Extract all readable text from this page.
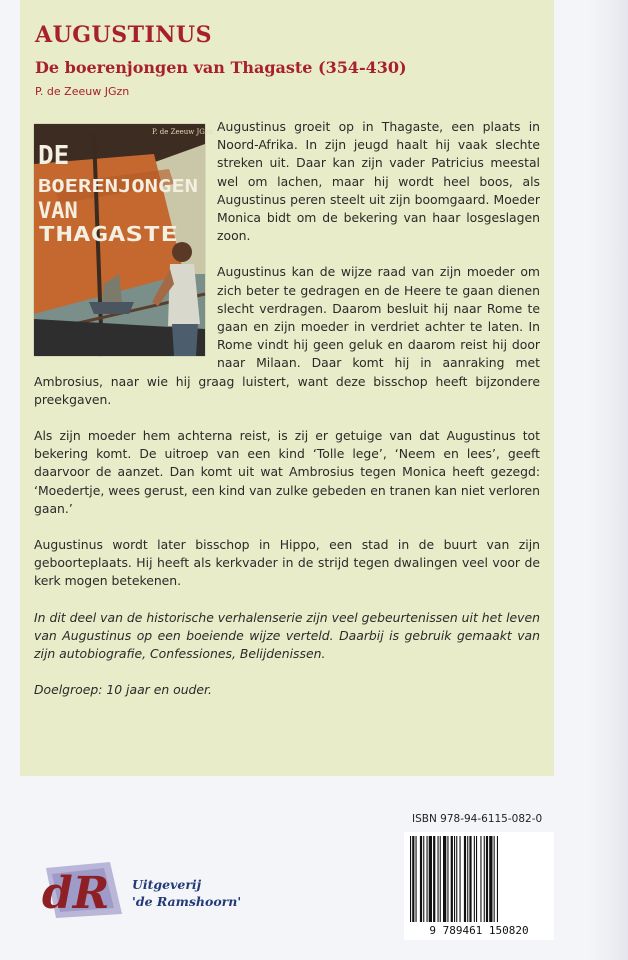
AUGUSTINUS
De boerenjongen van Thagaste (354-430)

P. de Zeeuw JGzn

P. de Zeeuw JGzn
DE
BOERENJONGEN
VAN
THAGASTE

Augustinus groeit op in Thagaste, een plaats in Noord-Afrika. In zijn jeugd haalt hij vaak slechte streken uit. Daar kan zijn vader Patricius meestal wel om lachen, maar hij wordt heel boos, als Augustinus peren steelt uit zijn boomgaard. Moeder Monica bidt om de bekering van haar losgeslagen zoon.

Augustinus kan de wijze raad van zijn moeder om zich beter te gedragen en de Heere te gaan dienen slecht verdragen. Daarom besluit hij naar Rome te gaan en zijn moeder in verdriet achter te laten. In Rome vindt hij geen geluk en daarom reist hij door naar Milaan. Daar komt hij in aanraking met Ambrosius, naar wie hij graag luistert, want deze bisschop heeft bijzondere preekgaven.

Als zijn moeder hem achterna reist, is zij er getuige van dat Augustinus tot bekering komt. De uitroep van een kind ‘Tolle lege’, ‘Neem en lees’, geeft daarvoor de aanzet. Dan komt uit wat Ambrosius tegen Monica heeft gezegd: ‘Moedertje, wees gerust, een kind van zulke gebeden en tranen kan niet verloren gaan.’

Augustinus wordt later bisschop in Hippo, een stad in de buurt van zijn geboorteplaats. Hij heeft als kerkvader in de strijd tegen dwalingen veel voor de kerk mogen betekenen.

In dit deel van de historische verhalenserie zijn veel gebeurtenissen uit het leven van Augustinus op een boeiende wijze verteld. Daarbij is gebruik gemaakt van zijn autobiografie, Confessiones, Belijdenissen.

Doelgroep: 10 jaar en ouder.

ISBN 978-94-6115-082-0

9 789461 150820
dR Uitgeverij

'de Ramshoorn'
